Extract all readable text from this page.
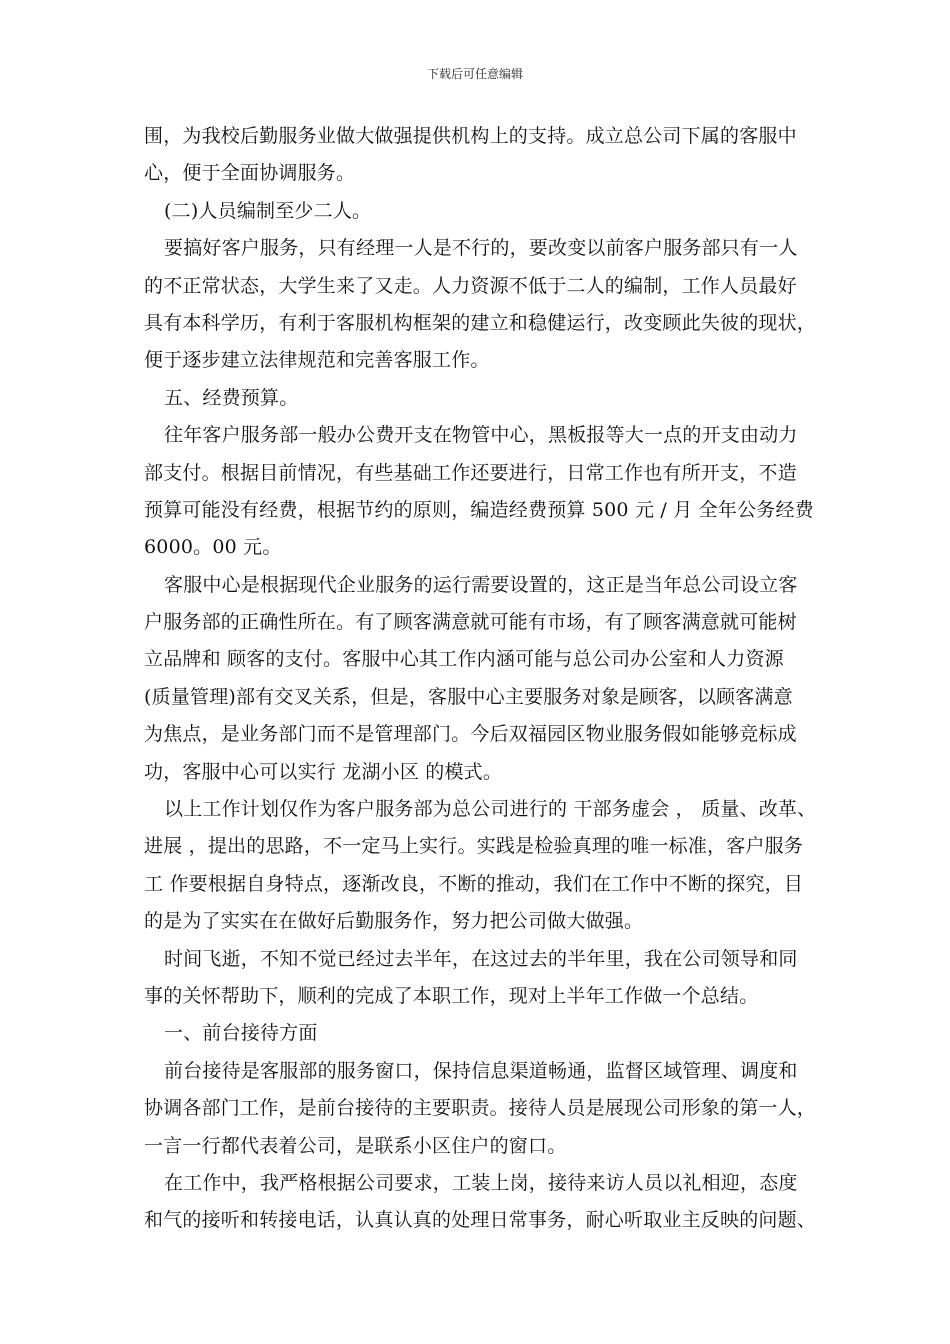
下载后可任意编辑
围，为我校后勤服务业做大做强提供机构上的支持。成立总公司下属的客服中
心，便于全面协调服务。
(二)人员编制至少二人。
要搞好客户服务，只有经理一人是不行的，要改变以前客户服务部只有一人
的不正常状态，大学生来了又走。人力资源不低于二人的编制，工作人员最好
具有本科学历，有利于客服机构框架的建立和稳健运行，改变顾此失彼的现状，
便于逐步建立法律规范和完善客服工作。
五、经费预算。
往年客户服务部一般办公费开支在物管中心，黑板报等大一点的开支由动力
部支付。根据目前情况，有些基础工作还要进行，日常工作也有所开支，不造
预算可能没有经费，根据节约的原则，编造经费预算 500 元 / 月 全年公务经费
6000。00 元。
客服中心是根据现代企业服务的运行需要设置的，这正是当年总公司设立客
户服务部的正确性所在。有了顾客满意就可能有市场，有了顾客满意就可能树
立品牌和 顾客的支付。客服中心其工作内涵可能与总公司办公室和人力资源
(质量管理)部有交叉关系，但是，客服中心主要服务对象是顾客，以顾客满意
为焦点，是业务部门而不是管理部门。今后双福园区物业服务假如能够竞标成
功，客服中心可以实行 龙湖小区 的模式。
以上工作计划仅作为客户服务部为总公司进行的 干部务虚会 ， 质量、改革、
进展 ，提出的思路，不一定马上实行。实践是检验真理的唯一标准，客户服务
工 作要根据自身特点，逐渐改良，不断的推动，我们在工作中不断的探究，目
的是为了实实在在做好后勤服务作，努力把公司做大做强。
时间飞逝，不知不觉已经过去半年，在这过去的半年里，我在公司领导和同
事的关怀帮助下，顺利的完成了本职工作，现对上半年工作做一个总结。
一、前台接待方面
前台接待是客服部的服务窗口，保持信息渠道畅通，监督区域管理、调度和
协调各部门工作，是前台接待的主要职责。接待人员是展现公司形象的第一人，
一言一行都代表着公司，是联系小区住户的窗口。
在工作中，我严格根据公司要求，工装上岗，接待来访人员以礼相迎，态度
和气的接听和转接电话，认真认真的处理日常事务，耐心听取业主反映的问题、
